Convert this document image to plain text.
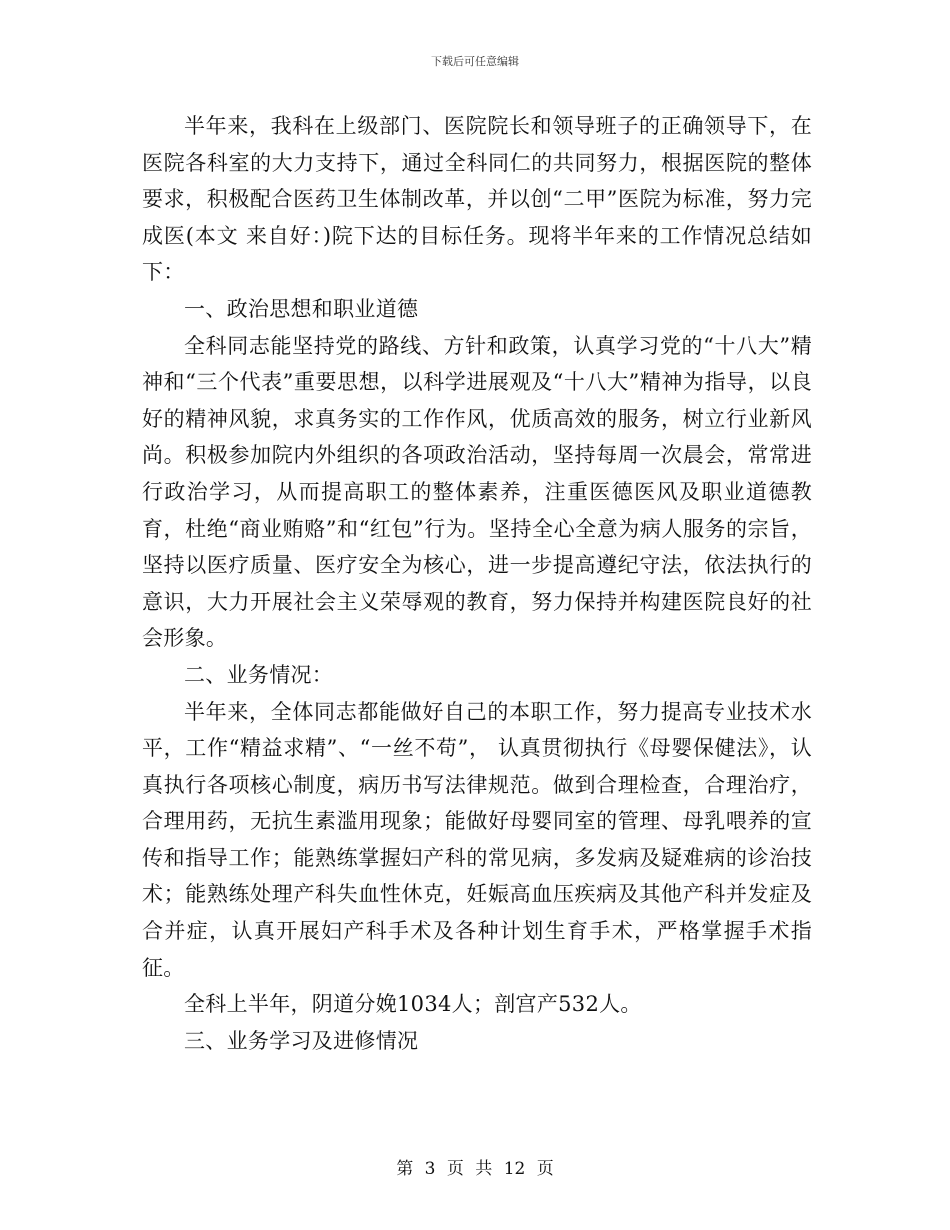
下载后可任意编辑

半年来，我科在上级部门、医院院长和领导班子的正确领导下，在医院各科室的大力支持下，通过全科同仁的共同努力，根据医院的整体要求，积极配合医药卫生体制改革，并以创“二甲”医院为标准，努力完成医(本文 来自好：)院下达的目标任务。现将半年来的工作情况总结如下：

一、政治思想和职业道德

全科同志能坚持党的路线、方针和政策，认真学习党的“十八大”精神和“三个代表”重要思想，以科学进展观及“十八大”精神为指导，以良好的精神风貌，求真务实的工作作风，优质高效的服务，树立行业新风尚。积极参加院内外组织的各项政治活动，坚持每周一次晨会，常常进行政治学习，从而提高职工的整体素养，注重医德医风及职业道德教育，杜绝“商业贿赂”和“红包”行为。坚持全心全意为病人服务的宗旨，坚持以医疗质量、医疗安全为核心，进一步提高遵纪守法，依法执行的意识，大力开展社会主义荣辱观的教育，努力保持并构建医院良好的社会形象。

二、业务情况：

半年来，全体同志都能做好自己的本职工作，努力提高专业技术水平，工作“精益求精”、“一丝不苟”， 认真贯彻执行《母婴保健法》，认真执行各项核心制度，病历书写法律规范。做到合理检查，合理治疗，合理用药，无抗生素滥用现象；能做好母婴同室的管理、母乳喂养的宣传和指导工作；能熟练掌握妇产科的常见病，多发病及疑难病的诊治技术；能熟练处理产科失血性休克，妊娠高血压疾病及其他产科并发症及合并症，认真开展妇产科手术及各种计划生育手术，严格掌握手术指征。

全科上半年，阴道分娩1034人；剖宫产532人。

三、业务学习及进修情况

第 3 页 共 12 页
